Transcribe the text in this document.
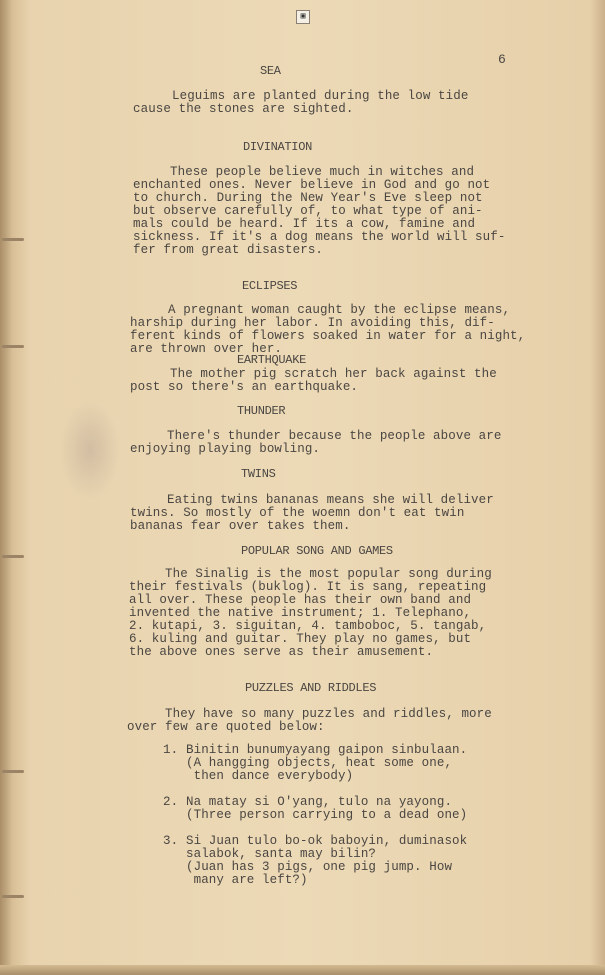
▣
6
SEA
Leguims are planted during the low tide
cause the stones are sighted.
DIVINATION
These people believe much in witches and
enchanted ones. Never believe in God and go not
to church. During the New Year's Eve sleep not
but observe carefully of, to what type of ani-
mals could be heard. If its a cow, famine and
sickness. If it's a dog means the world will suf-
fer from great disasters.
ECLIPSES
A pregnant woman caught by the eclipse means,
harship during her labor. In avoiding this, dif-
ferent kinds of flowers soaked in water for a night,
are thrown over her.
EARTHQUAKE
The mother pig scratch her back against the
post so there's an earthquake.
THUNDER
There's thunder because the people above are
enjoying playing bowling.
TWINS
Eating twins bananas means she will deliver
twins. So mostly of the woemn don't eat twin
bananas fear over takes them.
POPULAR SONG AND GAMES
The Sinalig is the most popular song during
their festivals (buklog). It is sang, repeating
all over. These people has their own band and
invented the native instrument; 1. Telephano,
2. kutapi, 3. siguitan, 4. tamboboc, 5. tangab,
6. kuling and guitar. They play no games, but
the above ones serve as their amusement.
PUZZLES AND RIDDLES
They have so many puzzles and riddles, more
over few are quoted below:
1. Binitin bunumyayang gaipon sinbulaan.
(A hangging objects, heat some one,
then dance everybody)
2. Na matay si O'yang, tulo na yayong.
(Three person carrying to a dead one)
3. Si Juan tulo bo-ok baboyin, duminasok
salabok, santa may bilin?
(Juan has 3 pigs, one pig jump. How
many are left?)
